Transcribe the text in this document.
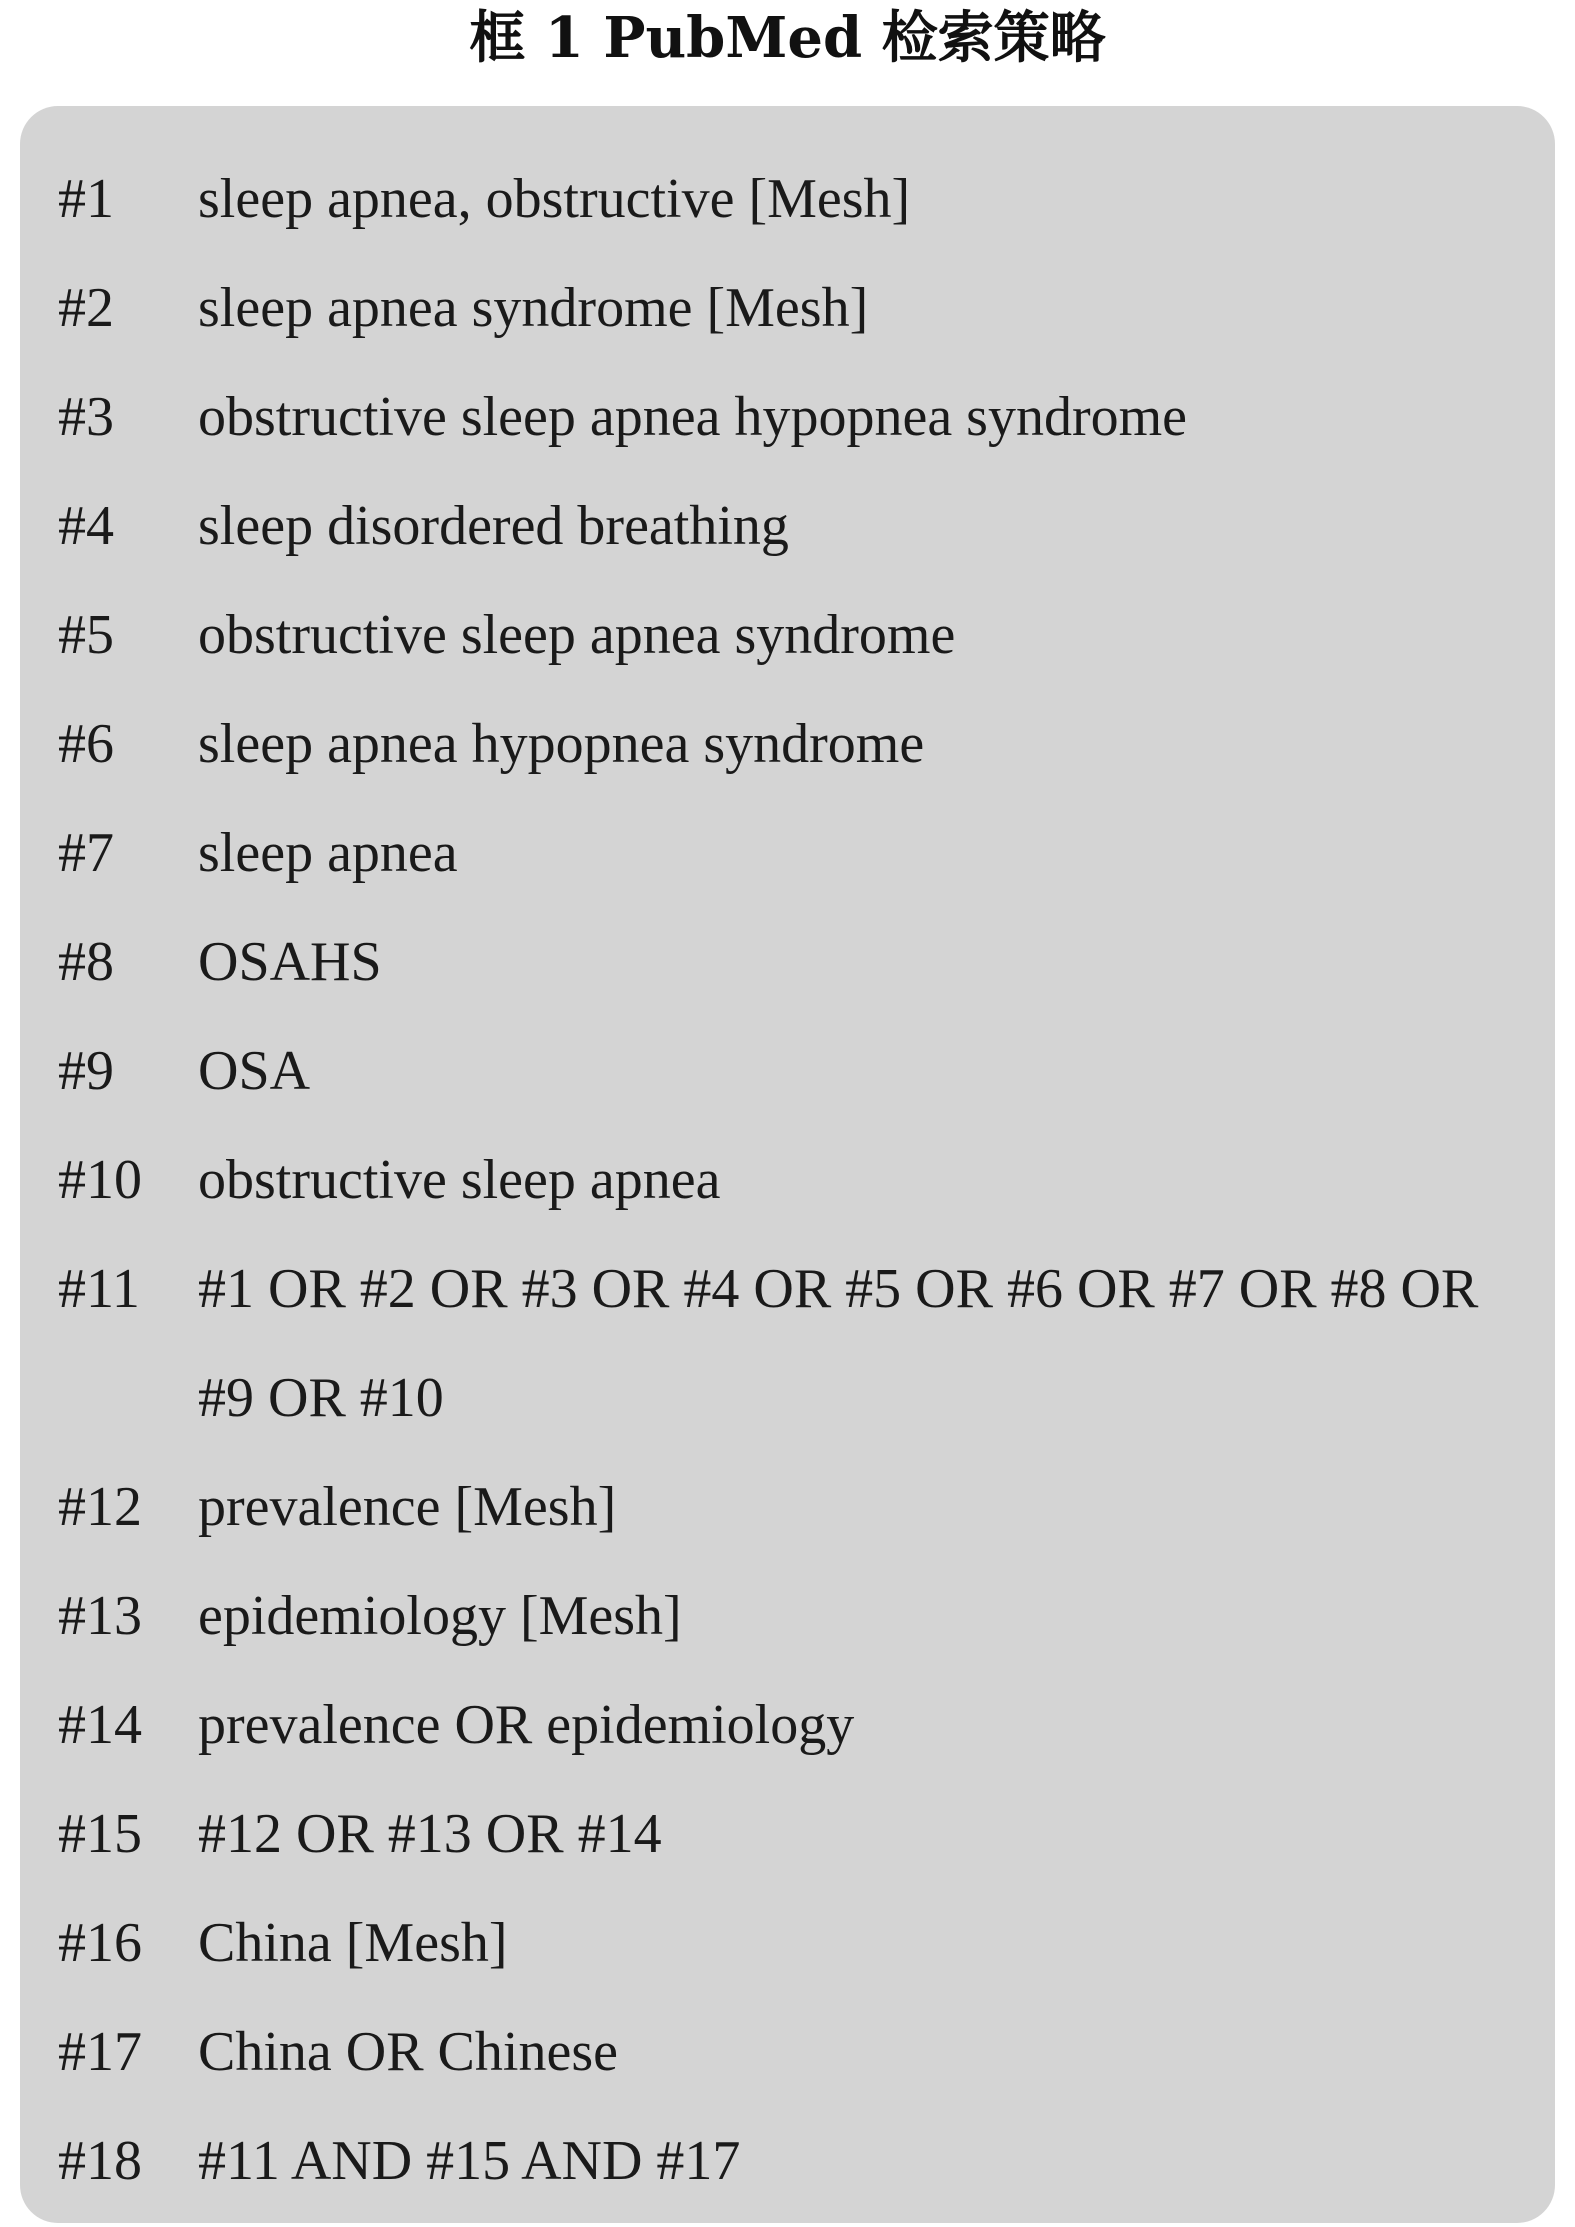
框 1 PubMed 检索策略
#1	sleep apnea, obstructive [Mesh]
#2	sleep apnea syndrome [Mesh]
#3	obstructive sleep apnea hypopnea syndrome
#4	sleep disordered breathing
#5	obstructive sleep apnea syndrome
#6	sleep apnea hypopnea syndrome
#7	sleep apnea
#8	OSAHS
#9	OSA
#10	obstructive sleep apnea
#11	#1 OR #2 OR #3 OR #4 OR #5 OR #6 OR #7 OR #8 OR #9 OR #10
#12	prevalence [Mesh]
#13	epidemiology [Mesh]
#14	prevalence OR epidemiology
#15	#12 OR #13 OR #14
#16	China [Mesh]
#17	China OR Chinese
#18	#11 AND #15 AND #17
